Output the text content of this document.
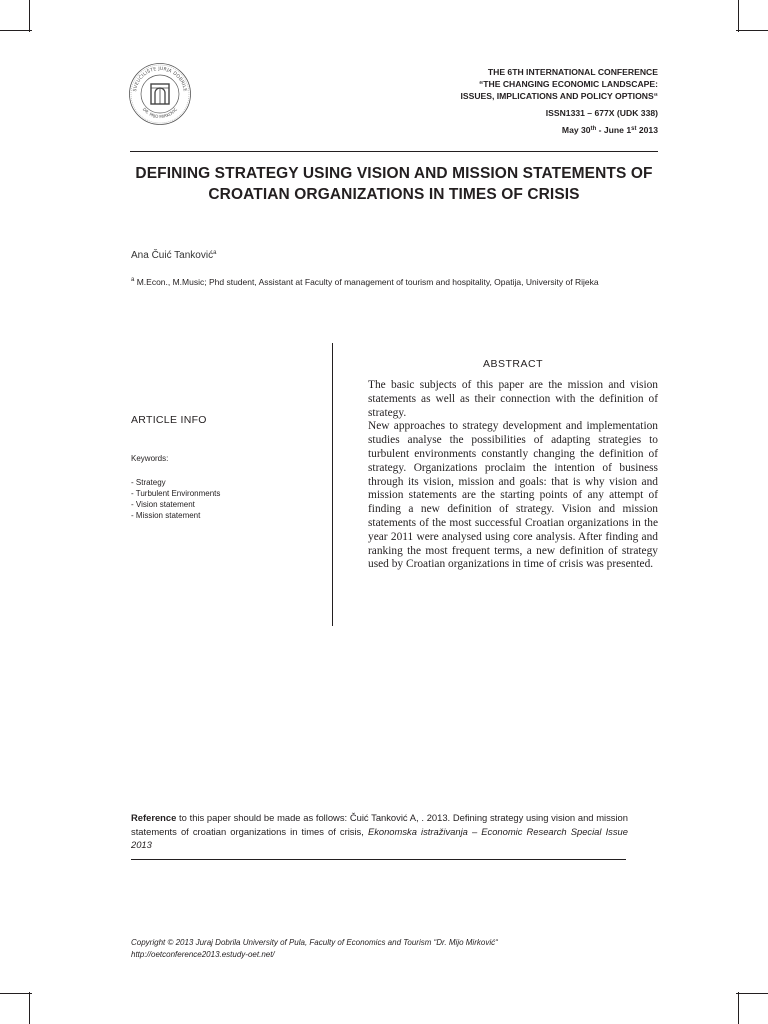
SVEUČILIŠTE JURJA DOBRILE
DR. MIJO MIRKOVIĆ
THE 6TH INTERNATIONAL CONFERENCE
“THE CHANGING ECONOMIC LANDSCAPE:
ISSUES, IMPLICATIONS AND POLICY OPTIONS“
ISSN1331 – 677X (UDK 338)
May 30th - June 1st 2013
DEFINING STRATEGY USING VISION AND MISSION STATEMENTS OF CROATIAN ORGANIZATIONS IN TIMES OF CRISIS
Ana Čuić Tanković$^a$
$^a$ M.Econ., M.Music; Phd student, Assistant at Faculty of management of tourism and hospitality, Opatija, University of Rijeka
ARTICLE INFO
Keywords:
- Strategy
- Turbulent Environments
- Vision statement
- Mission statement
ABSTRACT

The basic subjects of this paper are the mission and vision statements as well as their connection with the definition of strategy.

New approaches to strategy development and implementation studies analyse the possibilities of adapting strategies to turbulent environments constantly changing the definition of strategy. Organizations proclaim the intention of business through its vision, mission and goals: that is why vision and mission statements are the starting points of any attempt of finding a new definition of strategy. Vision and mission statements of the most successful Croatian organizations in the year 2011 were analysed using core analysis. After finding and ranking the most frequent terms, a new definition of strategy used by Croatian organizations in time of crisis was presented.

Reference to this paper should be made as follows: Čuić Tanković A, . 2013. Defining strategy using vision and mission statements of croatian organizations in times of crisis, Ekonomska istraživanja – Economic Research Special Issue 2013
Copyright © 2013 Juraj Dobrila University of Pula, Faculty of Economics and Tourism “Dr. Mijo Mirković“
http://oetconference2013.estudy-oet.net/
